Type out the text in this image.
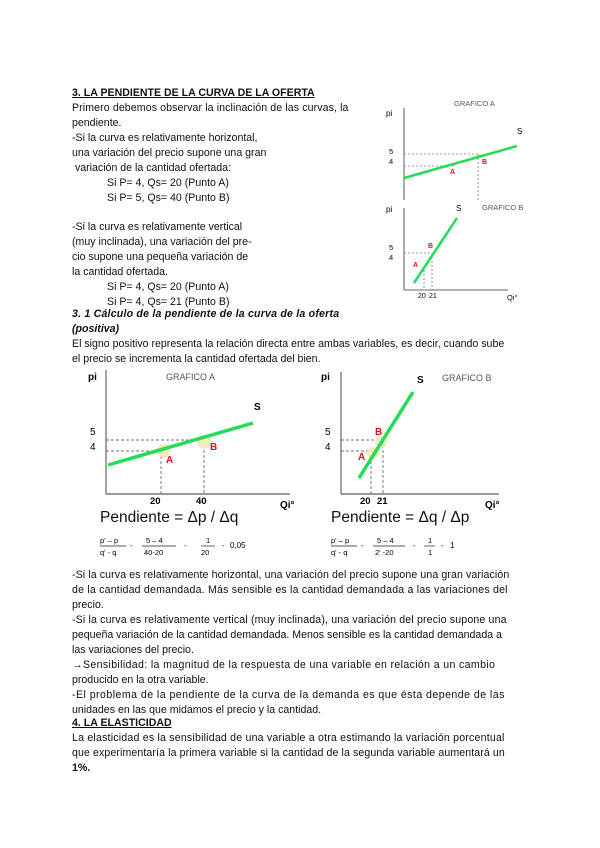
3. LA PENDIENTE DE LA CURVA DE LA OFERTA
Primero debemos observar la inclinación de las curvas, la
pendiente.
-Si la curva es relativamente horizontal,
una variación del precio supone una gran
variación de la cantidad ofertada:
Si P= 4, Qs= 20 (Punto A)
Si P= 5, Qs= 40 (Punto B)
-Si la curva es relativamente vertical
(muy inclinada), una variación del pre-
cio supone una pequeña variación de
la cantidad ofertada.
Si P= 4, Qs= 20 (Punto A)
Si P= 4, Qs= 21 (Punto B)
pi
GRAFICO A
S
5
4
A
B
pi	GRAFICO B
Qi°
S
5
4
20 21
B
A
3. 1 Cálculo de la pendiente de la curva de la oferta
(positiva)
El signo positivo representa la relación directa entre ambas variables, es decir, cuando sube
el precio se incrementa la cantidad ofertada del bien.
pi
Qi°
GRAFICO A
S
5
4
20	40
A
B
pi
Qi°
GRAFICO B
S
5
4
20 21
B
A
Pendiente = Δp / Δq	Pendiente = Δq / Δp
p' – p
q' - q
-
5 – 4
40-20
-
1
20
- 0,05
p' – p
q' - q
-
5 – 4
2' -20
-
1
1
- 1
-Si la curva es relativamente horizontal, una variación del precio supone una gran variación
de la cantidad demandada. Más sensible es la cantidad demandada a las variaciones del
precio.
-Si la curva es relativamente vertical (muy inclinada), una variación del precio supone una
pequeña variación de la cantidad demandada. Menos sensible es la cantidad demandada a
las variaciones del precio.
→Sensibilidad: la magnitud de la respuesta de una variable en relación a un cambio
producido en la otra variable.
-El problema de la pendiente de la curva de la demanda es que ésta depende de las
unidades en las que midamos el precio y la cantidad.
4. LA ELASTICIDAD
La elasticidad es la sensibilidad de una variable a otra estimando la variación porcentual
que experimentaría la primera variable si la cantidad de la segunda variable aumentará un
1%.
